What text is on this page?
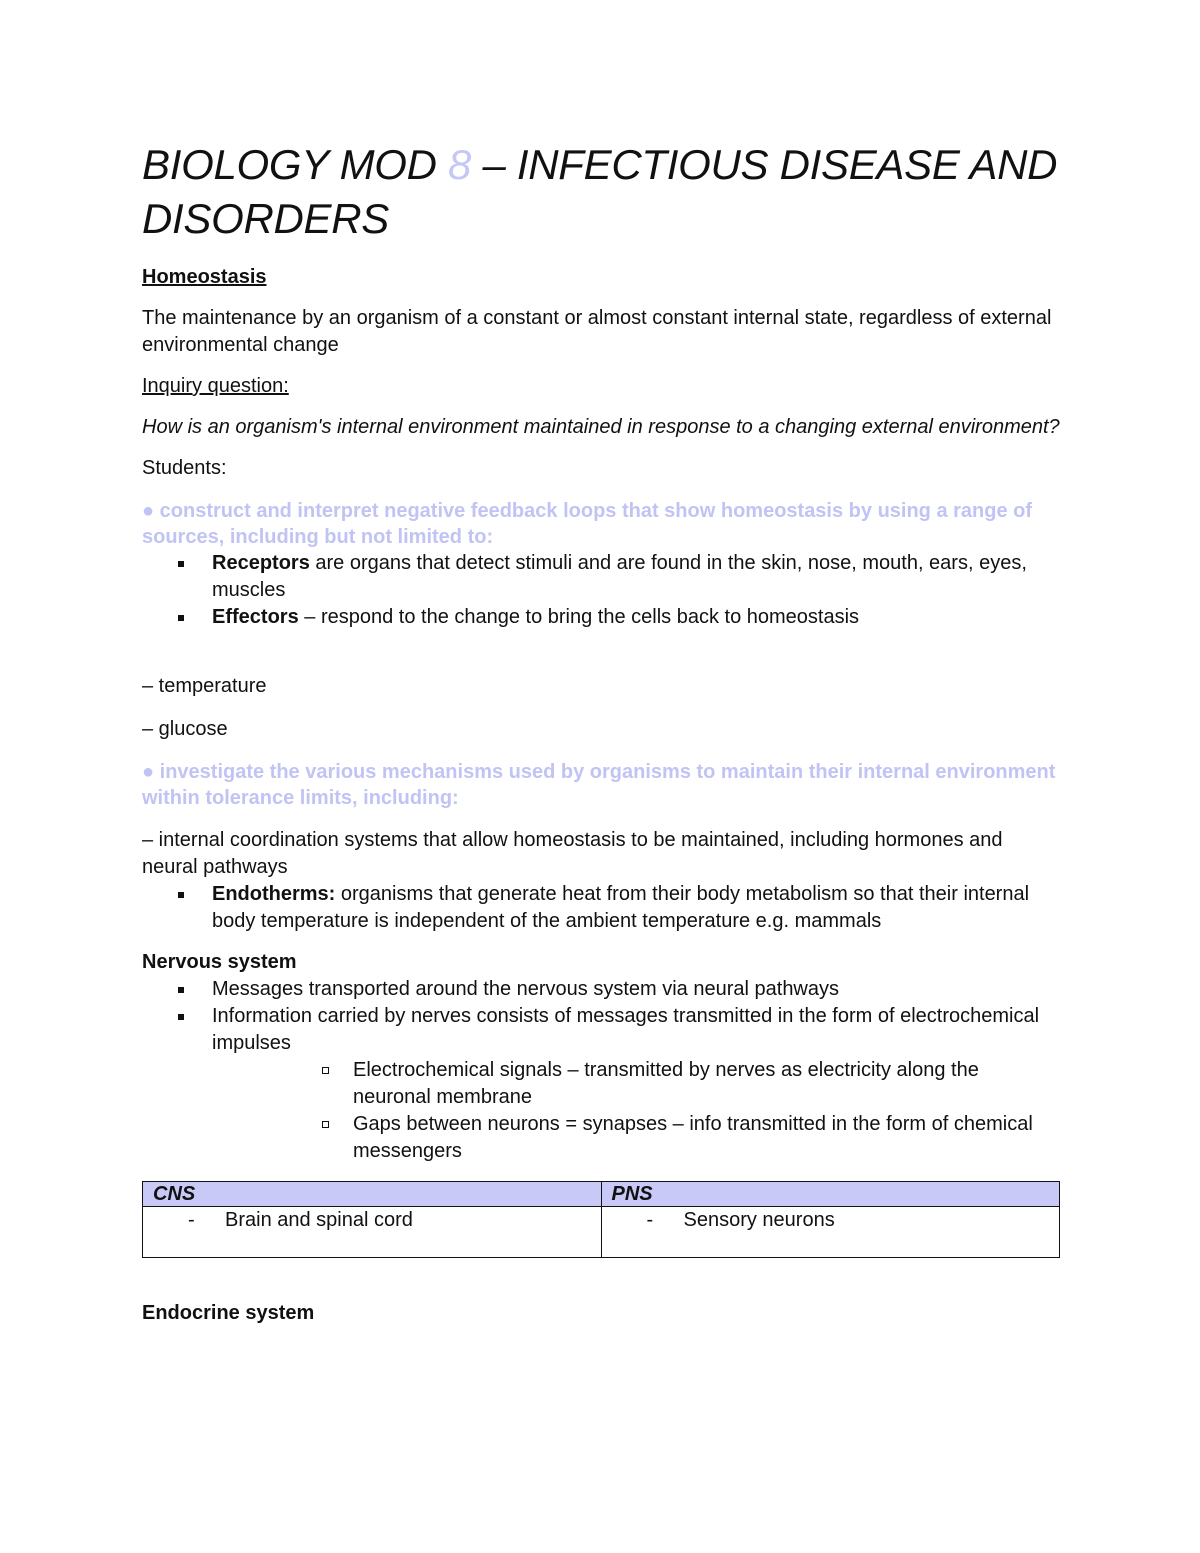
BIOLOGY MOD 8 – INFECTIOUS DISEASE AND DISORDERS

Homeostasis

The maintenance by an organism of a constant or almost constant internal state, regardless of external environmental change

Inquiry question:

How is an organism's internal environment maintained in response to a changing external environment?

Students:

● construct and interpret negative feedback loops that show homeostasis by using a range of sources, including but not limited to:

Receptors are organs that detect stimuli and are found in the skin, nose, mouth, ears, eyes, muscles
Effectors – respond to the change to bring the cells back to homeostasis

– temperature

– glucose

● investigate the various mechanisms used by organisms to maintain their internal environment within tolerance limits, including:

– internal coordination systems that allow homeostasis to be maintained, including hormones and neural pathways

Endotherms: organisms that generate heat from their body metabolism so that their internal body temperature is independent of the ambient temperature e.g. mammals

Nervous system

Messages transported around the nervous system via neural pathways
Information carried by nerves consists of messages transmitted in the form of electrochemical impulses
Electrochemical signals – transmitted by nerves as electricity along the neuronal membrane
Gaps between neurons = synapses – info transmitted in the form of chemical messengers
CNS	PNS

- Brain and spinal cord	- Sensory neurons

Endocrine system
